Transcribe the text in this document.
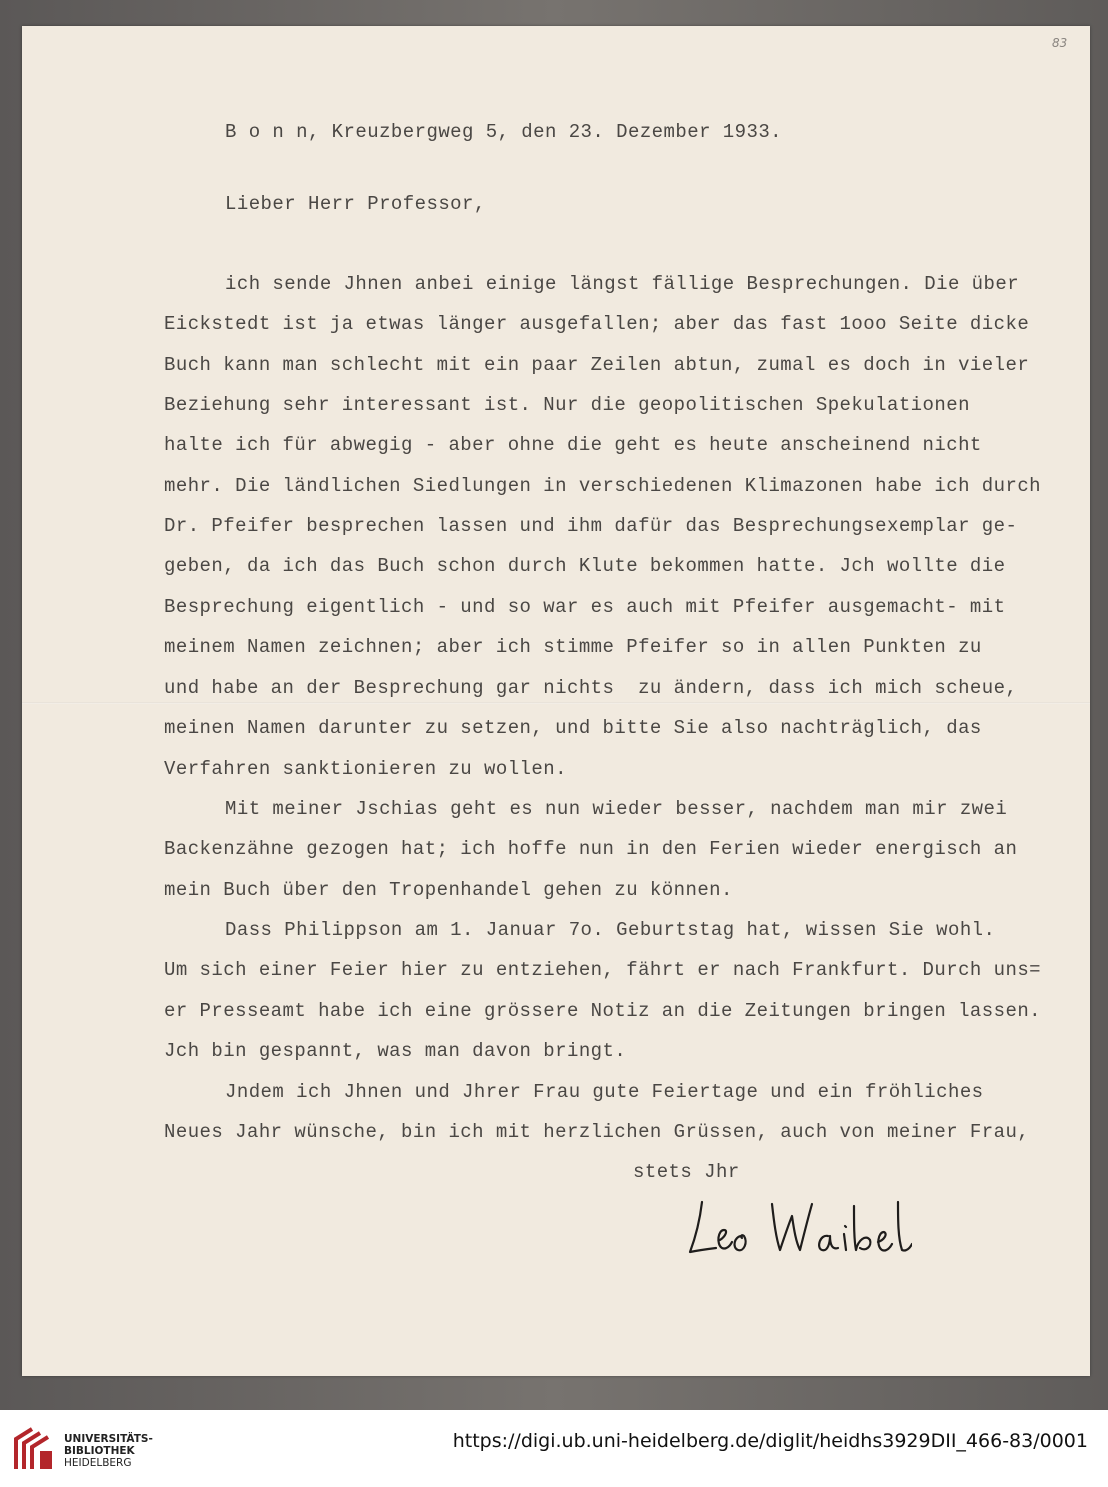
83

B o n n, Kreuzbergweg 5, den 23. Dezember 1933.

Lieber Herr Professor,

ich sende Jhnen anbei einige längst fällige Besprechungen. Die über

Eickstedt ist ja etwas länger ausgefallen; aber das fast 1ooo Seite dicke

Buch kann man schlecht mit ein paar Zeilen abtun, zumal es doch in vieler

Beziehung sehr interessant ist. Nur die geopolitischen Spekulationen

halte ich für abwegig - aber ohne die geht es heute anscheinend nicht

mehr. Die ländlichen Siedlungen in verschiedenen Klimazonen habe ich durch

Dr. Pfeifer besprechen lassen und ihm dafür das Besprechungsexemplar ge-

geben, da ich das Buch schon durch Klute bekommen hatte. Jch wollte die

Besprechung eigentlich - und so war es auch mit Pfeifer ausgemacht- mit

meinem Namen zeichnen; aber ich stimme Pfeifer so in allen Punkten zu

und habe an der Besprechung gar nichts  zu ändern, dass ich mich scheue,

meinen Namen darunter zu setzen, und bitte Sie also nachträglich, das

Verfahren sanktionieren zu wollen.

Mit meiner Jschias geht es nun wieder besser, nachdem man mir zwei

Backenzähne gezogen hat; ich hoffe nun in den Ferien wieder energisch an

mein Buch über den Tropenhandel gehen zu können.

Dass Philippson am 1. Januar 7o. Geburtstag hat, wissen Sie wohl.

Um sich einer Feier hier zu entziehen, fährt er nach Frankfurt. Durch uns=

er Presseamt habe ich eine grössere Notiz an die Zeitungen bringen lassen.

Jch bin gespannt, was man davon bringt.

Jndem ich Jhnen und Jhrer Frau gute Feiertage und ein fröhliches

Neues Jahr wünsche, bin ich mit herzlichen Grüssen, auch von meiner Frau,

stets Jhr

UNIVERSITÄTS-
BIBLIOTHEK
HEIDELBERG
https://digi.ub.uni-heidelberg.de/diglit/heidhs3929DII_466-83/0001
